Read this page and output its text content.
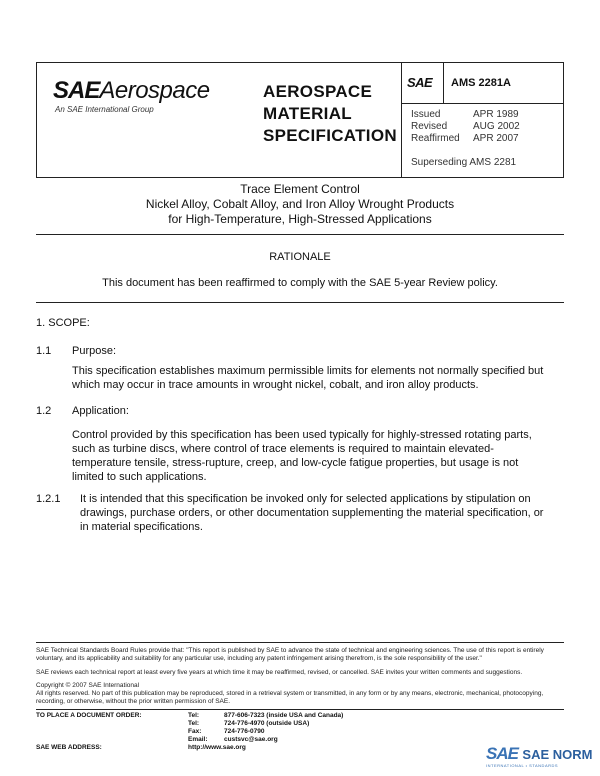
SAEAerospace
An SAE International Group
AEROSPACE
MATERIAL
SPECIFICATION
SAE AMS 2281A
Issued	APR 1989
Revised	AUG 2002
Reaffirmed	APR 2007
Superseding AMS 2281
Trace Element Control
Nickel Alloy, Cobalt Alloy, and Iron Alloy Wrought Products
for High-Temperature, High-Stressed Applications
RATIONALE
This document has been reaffirmed to comply with the SAE 5-year Review policy.
1. SCOPE:
1.1 Purpose:
This specification establishes maximum permissible limits for elements not normally specified but which may occur in trace amounts in wrought nickel, cobalt, and iron alloy products.
1.2 Application:
Control provided by this specification has been used typically for highly-stressed rotating parts, such as turbine discs, where control of trace elements is required to maintain elevated-temperature tensile, stress-rupture, creep, and low-cycle fatigue properties, but usage is not limited to such applications.
1.2.1 It is intended that this specification be invoked only for selected applications by stipulation on drawings, purchase orders, or other documentation supplementing the material specification, or in material specifications.
SAE Technical Standards Board Rules provide that: "This report is published by SAE to advance the state of technical and engineering sciences. The use of this report is entirely voluntary, and its applicability and suitability for any particular use, including any patent infringement arising therefrom, is the sole responsibility of the user."
SAE reviews each technical report at least every five years at which time it may be reaffirmed, revised, or cancelled. SAE invites your written comments and suggestions.
Copyright © 2007 SAE International
All rights reserved. No part of this publication may be reproduced, stored in a retrieval system or transmitted, in any form or by any means, electronic, mechanical, photocopying, recording, or otherwise, without the prior written permission of SAE.
TO PLACE A DOCUMENT ORDER:	Tel:	877-606-7323 (inside USA and Canada)
Tel:	724-776-4970 (outside USA)
Fax:	724-776-0790
Email:	custsvc@sae.org
SAE WEB ADDRESS:	http://www.sae.org	SAE SAE NORM
INTERNATIONAL • STANDARDS
